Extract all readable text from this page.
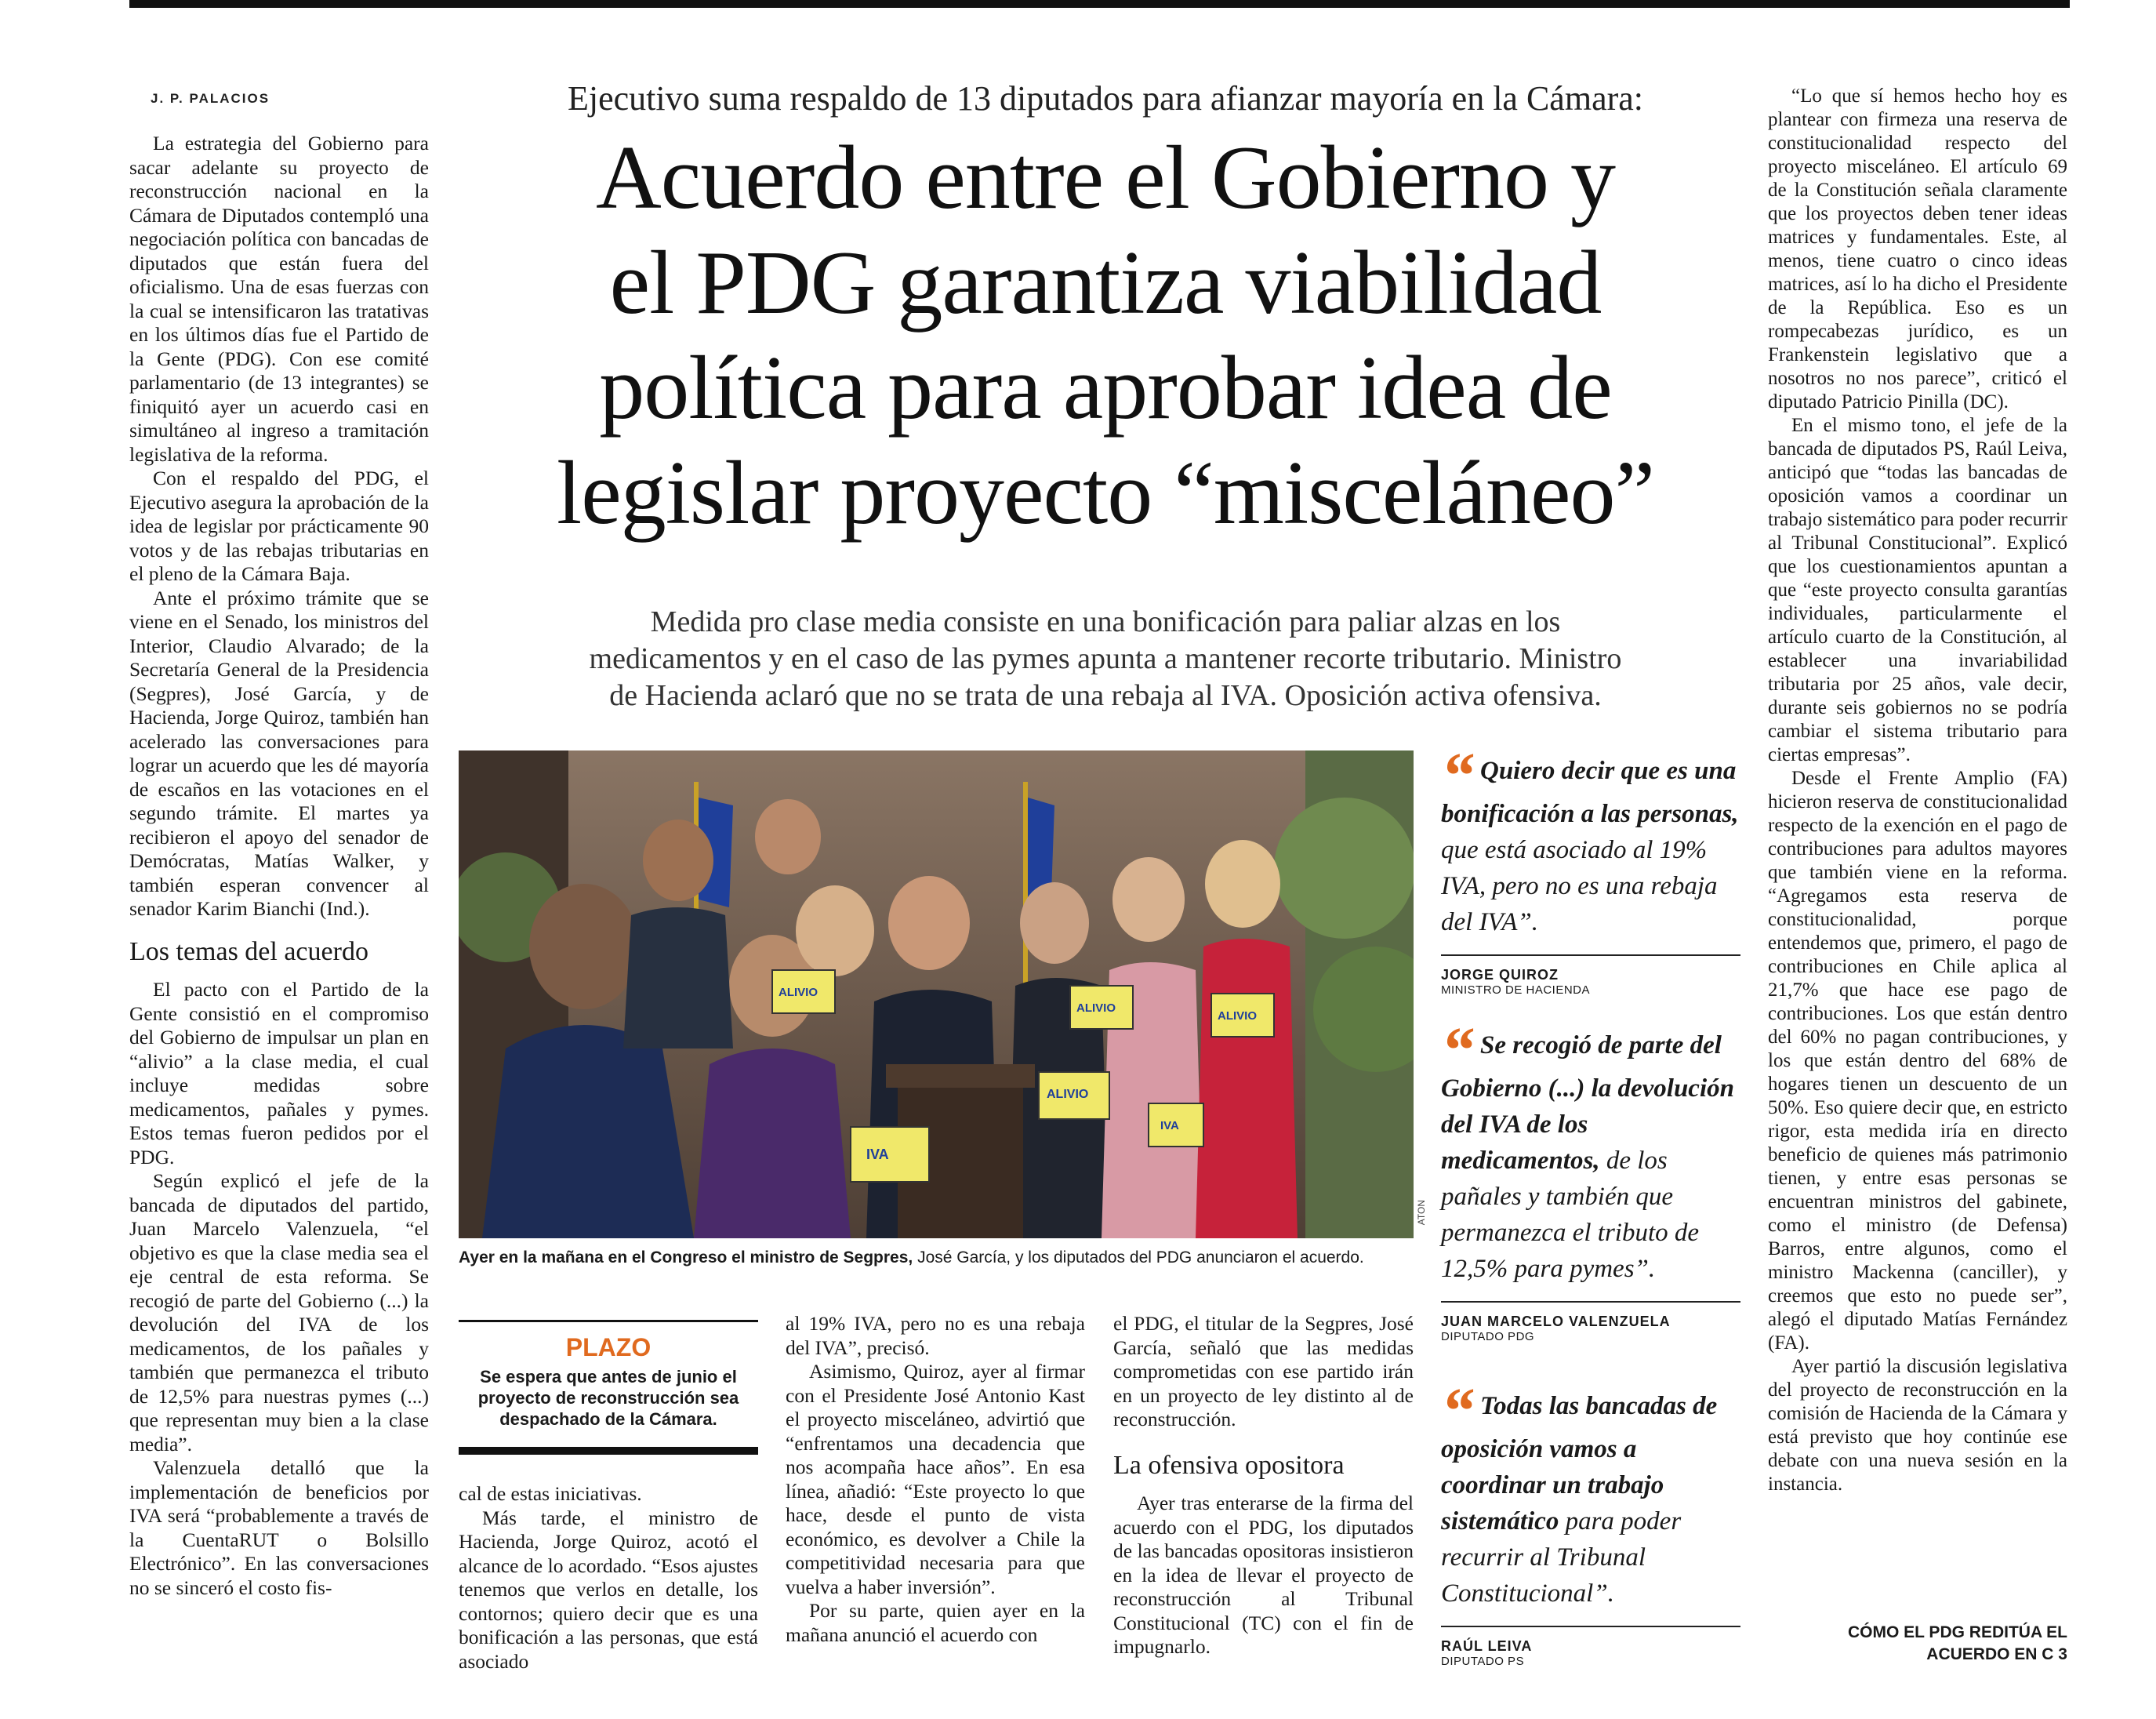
J. P. PALACIOS

La estrategia del Gobierno para sacar adelante su proyecto de reconstrucción nacional en la Cámara de Diputados contempló una negociación política con bancadas de diputados que están fuera del oficialismo. Una de esas fuerzas con la cual se intensificaron las tratativas en los últimos días fue el Partido de la Gente (PDG). Con ese comité parlamentario (de 13 integrantes) se finiquitó ayer un acuerdo casi en simultáneo al ingreso a tramitación legislativa de la reforma.

Con el respaldo del PDG, el Ejecutivo asegura la aprobación de la idea de legislar por prácticamente 90 votos y de las rebajas tributarias en el pleno de la Cámara Baja.

Ante el próximo trámite que se viene en el Senado, los ministros del Interior, Claudio Alvarado; de la Secretaría General de la Presidencia (Segpres), José García, y de Hacienda, Jorge Quiroz, también han acelerado las conversaciones para lograr un acuerdo que les dé mayoría de escaños en las votaciones en el segundo trámite. El martes ya recibieron el apoyo del senador de Demócratas, Matías Walker, y también esperan convencer al senador Karim Bianchi (Ind.).

Los temas del acuerdo

El pacto con el Partido de la Gente consistió en el compromiso del Gobierno de impulsar un plan en “alivio” a la clase media, el cual incluye medidas sobre medicamentos, pañales y pymes. Estos temas fueron pedidos por el PDG.

Según explicó el jefe de la bancada de diputados del partido, Juan Marcelo Valenzuela, “el objetivo es que la clase media sea el eje central de esta reforma. Se recogió de parte del Gobierno (...) la devolución del IVA de los medicamentos, de los pañales y también que permanezca el tributo de 12,5% para nuestras pymes (...) que representan muy bien a la clase media”.

Valenzuela detalló que la implementación de beneficios por IVA será “probablemente a través de la CuentaRUT o Bolsillo Electrónico”. En las conversaciones no se sinceró el costo fis-

Ejecutivo suma respaldo de 13 diputados para afianzar mayoría en la Cámara:
Acuerdo entre el Gobierno y
el PDG garantiza viabilidad
política para aprobar idea de
legislar proyecto “misceláneo”
Medida pro clase media consiste en una bonificación para paliar alzas en los
medicamentos y en el caso de las pymes apunta a mantener recorte tributario. Ministro
de Hacienda aclaró que no se trata de una rebaja al IVA. Oposición activa ofensiva.
ALIVIO
ALIVIO
ALIVIO
ALIVIO
IVA
IVA
ATON
Ayer en la mañana en el Congreso el ministro de Segpres, José García, y los diputados del PDG anunciaron el acuerdo.
PLAZO
Se espera que antes de junio el proyecto de reconstrucción sea despachado de la Cámara.

cal de estas iniciativas.

Más tarde, el ministro de Hacienda, Jorge Quiroz, acotó el alcance de lo acordado. “Esos ajustes tenemos que verlos en detalle, los contornos; quiero decir que es una bonificación a las personas, que está asociado

al 19% IVA, pero no es una rebaja del IVA”, precisó.

Asimismo, Quiroz, ayer al firmar con el Presidente José Antonio Kast el proyecto misceláneo, advirtió que “enfrentamos una decadencia que nos acompaña hace años”. En esa línea, añadió: “Este proyecto lo que hace, desde el punto de vista económico, es devolver a Chile la competitividad necesaria para que vuelva a haber inversión”.

Por su parte, quien ayer en la mañana anunció el acuerdo con

el PDG, el titular de la Segpres, José García, señaló que las medidas comprometidas con ese partido irán en un proyecto de ley distinto al de reconstrucción.

La ofensiva opositora

Ayer tras enterarse de la firma del acuerdo con el PDG, los diputados de las bancadas opositoras insistieron en la idea de llevar el proyecto de reconstrucción al Tribunal Constitucional (TC) con el fin de impugnarlo.

“ Quiero decir que es una bonificación a las personas, que está asociado al 19% IVA, pero no es una rebaja del IVA”.
JORGE QUIROZ
MINISTRO DE HACIENDA
“ Se recogió de parte del Gobierno (...) la devolución del IVA de los medicamentos, de los pañales y también que permanezca el tributo de 12,5% para pymes”.
JUAN MARCELO VALENZUELA
DIPUTADO PDG
“ Todas las bancadas de oposición vamos a coordinar un trabajo sistemático para poder recurrir al Tribunal Constitucional”.
RAÚL LEIVA
DIPUTADO PS

“Lo que sí hemos hecho hoy es plantear con firmeza una reserva de constitucionalidad respecto del proyecto misceláneo. El artículo 69 de la Constitución señala claramente que los proyectos deben tener ideas matrices y fundamentales. Este, al menos, tiene cuatro o cinco ideas matrices, así lo ha dicho el Presidente de la República. Eso es un rompecabezas jurídico, es un Frankenstein legislativo que a nosotros no nos parece”, criticó el diputado Patricio Pinilla (DC).

En el mismo tono, el jefe de la bancada de diputados PS, Raúl Leiva, anticipó que “todas las bancadas de oposición vamos a coordinar un trabajo sistemático para poder recurrir al Tribunal Constitucional”. Explicó que los cuestionamientos apuntan a que “este proyecto consulta garantías individuales, particularmente el artículo cuarto de la Constitución, al establecer una invariabilidad tributaria por 25 años, vale decir, durante seis gobiernos no se podría cambiar el sistema tributario para ciertas empresas”.

Desde el Frente Amplio (FA) hicieron reserva de constitucionalidad respecto de la exención en el pago de contribuciones para adultos mayores que también viene en la reforma. “Agregamos esta reserva de constitucionalidad, porque entendemos que, primero, el pago de contribuciones en Chile aplica al 21,7% que hace ese pago de contribuciones. Los que están dentro del 60% no pagan contribuciones, y los que están dentro del 68% de hogares tienen un descuento de un 50%. Eso quiere decir que, en estricto rigor, esta medida iría en directo beneficio de quienes más patrimonio tienen, y entre esas personas se encuentran ministros del gabinete, como el ministro (de Defensa) Barros, entre algunos, como el ministro Mackenna (canciller), y creemos que esto no puede ser”, alegó el diputado Matías Fernández (FA).

Ayer partió la discusión legislativa del proyecto de reconstrucción en la comisión de Hacienda de la Cámara y está previsto que hoy continúe ese debate con una nueva sesión en la instancia.

CÓMO EL PDG REDITÚA EL
ACUERDO EN C 3
